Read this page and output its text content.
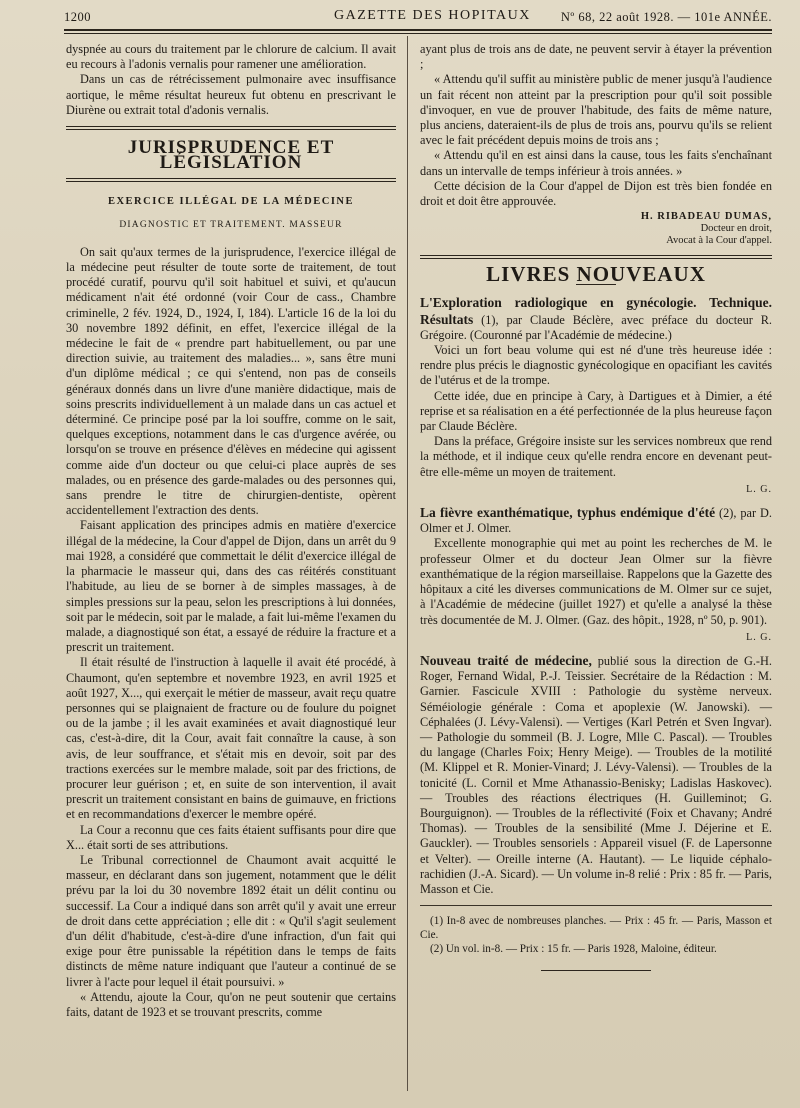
1200	GAZETTE DES HOPITAUX Nº 68, 22 août 1928. — 101e ANNÉE.

dyspnée au cours du traitement par le chlorure de calcium. Il avait eu recours à l'adonis vernalis pour ramener une amélioration.

Dans un cas de rétrécissement pulmonaire avec insuffisance aortique, le même résultat heureux fut obtenu en prescrivant le Diurène ou extrait total d'adonis vernalis.

JURISPRUDENCE ET LÉGISLATION
EXERCICE ILLÉGAL DE LA MÉDECINE
DIAGNOSTIC ET TRAITEMENT. MASSEUR

On sait qu'aux termes de la jurisprudence, l'exercice illégal de la médecine peut résulter de toute sorte de traitement, de tout procédé curatif, pourvu qu'il soit habituel et suivi, et qu'aucun médicament n'ait été ordonné (voir Cour de cass., Chambre criminelle, 2 fév. 1924, D., 1924, I, 184). L'article 16 de la loi du 30 novembre 1892 définit, en effet, l'exercice illégal de la médecine le fait de « prendre part habituellement, ou par une direction suivie, au traitement des maladies... », sans être muni d'un diplôme médical ; ce qui s'entend, non pas de conseils généraux donnés dans un livre d'une manière didactique, mais de soins prescrits individuellement à un malade dans un cas actuel et déterminé. Ce principe posé par la loi souffre, comme on le sait, quelques exceptions, notamment dans le cas d'urgence avérée, ou lorsqu'on se trouve en présence d'élèves en médecine qui agissent comme aide d'un docteur ou que celui-ci place auprès de ses malades, ou en présence des garde-malades ou des personnes qui, sans prendre le titre de chirurgien-dentiste, opèrent accidentellement l'extraction des dents.

Faisant application des principes admis en matière d'exercice illégal de la médecine, la Cour d'appel de Dijon, dans un arrêt du 9 mai 1928, a considéré que commettait le délit d'exercice illégal de la pharmacie le masseur qui, dans des cas réitérés constituant l'habitude, au lieu de se borner à de simples massages, à de simples pressions sur la peau, selon les prescriptions à lui données, soit par le médecin, soit par le malade, a fait lui-même l'examen du malade, a diagnostiqué son état, a essayé de réduire la fracture et a prescrit un traitement.

Il était résulté de l'instruction à laquelle il avait été procédé, à Chaumont, qu'en septembre et novembre 1923, en avril 1925 et août 1927, X..., qui exerçait le métier de masseur, avait reçu quatre personnes qui se plaignaient de fracture ou de foulure du poignet ou de la jambe ; il les avait examinées et avait diagnostiqué leur cas, c'est-à-dire, dit la Cour, avait fait connaître la cause, à son avis, de leur souffrance, et s'était mis en devoir, soit par des tractions exercées sur le membre malade, soit par des frictions, de procurer leur guérison ; et, en suite de son intervention, il avait prescrit un traitement consistant en bains de guimauve, en frictions et en recommandations d'exercer le membre opéré.

La Cour a reconnu que ces faits étaient suffisants pour dire que X... était sorti de ses attributions.

Le Tribunal correctionnel de Chaumont avait acquitté le masseur, en déclarant dans son jugement, notamment que le délit prévu par la loi du 30 novembre 1892 était un délit continu ou successif. La Cour a indiqué dans son arrêt qu'il y avait une erreur de droit dans cette appréciation ; elle dit : « Qu'il s'agit seulement d'un délit d'habitude, c'est-à-dire d'une infraction, d'un fait qui exige pour être punissable la répétition dans le temps de faits distincts de même nature indiquant que l'auteur a continué de se livrer à l'acte pour lequel il était poursuivi. »

« Attendu, ajoute la Cour, qu'on ne peut soutenir que certains faits, datant de 1923 et se trouvant prescrits, comme

ayant plus de trois ans de date, ne peuvent servir à étayer la prévention ;

« Attendu qu'il suffit au ministère public de mener jusqu'à l'audience un fait récent non atteint par la prescription pour qu'il soit possible d'invoquer, en vue de prouver l'habitude, des faits de même nature, plus anciens, dateraient-ils de plus de trois ans, pourvu qu'ils se relient avec le fait précédent depuis moins de trois ans ;

« Attendu qu'il en est ainsi dans la cause, tous les faits s'enchaînant dans un intervalle de temps inférieur à trois années. »

Cette décision de la Cour d'appel de Dijon est très bien fondée en droit et doit être approuvée.

H. RIBADEAU DUMAS,
Docteur en droit,
Avocat à la Cour d'appel.
LIVRES NOUVEAUX

L'Exploration radiologique en gynécologie. Technique. Résultats (1), par Claude Béclère, avec préface du docteur R. Grégoire. (Couronné par l'Académie de médecine.)

Voici un fort beau volume qui est né d'une très heureuse idée : rendre plus précis le diagnostic gynécologique en opacifiant les cavités de l'utérus et de la trompe.

Cette idée, due en principe à Cary, à Dartigues et à Dimier, a été reprise et sa réalisation en a été perfectionnée de la plus heureuse façon par Claude Béclère.

Dans la préface, Grégoire insiste sur les services nombreux que rend la méthode, et il indique ceux qu'elle rendra encore en devenant peut-être elle-même un moyen de traitement.

L. G.

La fièvre exanthématique, typhus endémique d'été (2), par D. Olmer et J. Olmer.

Excellente monographie qui met au point les recherches de M. le professeur Olmer et du docteur Jean Olmer sur la fièvre exanthématique de la région marseillaise. Rappelons que la Gazette des hôpitaux a cité les diverses communications de M. Olmer sur ce sujet, à l'Académie de médecine (juillet 1927) et qu'elle a analysé la thèse très documentée de M. J. Olmer. (Gaz. des hôpit., 1928, nº 50, p. 901).

L. G.

Nouveau traité de médecine, publié sous la direction de G.-H. Roger, Fernand Widal, P.-J. Teissier. Secrétaire de la Rédaction : M. Garnier. Fascicule XVIII : Pathologie du système nerveux. Séméiologie générale : Coma et apoplexie (W. Janowski). — Céphalées (J. Lévy-Valensi). — Vertiges (Karl Petrén et Sven Ingvar). — Pathologie du sommeil (B. J. Logre, Mlle C. Pascal). — Troubles du langage (Charles Foix; Henry Meige). — Troubles de la motilité (M. Klippel et R. Monier-Vinard; J. Lévy-Valensi). — Troubles de la tonicité (L. Cornil et Mme Athanassio-Benisky; Ladislas Haskovec). — Troubles des réactions électriques (H. Guilleminot; G. Bourguignon). — Troubles de la réflectivité (Foix et Chavany; André Thomas). — Troubles de la sensibilité (Mme J. Déjerine et E. Gauckler). — Troubles sensoriels : Appareil visuel (F. de Lapersonne et Velter). — Oreille interne (A. Hautant). — Le liquide céphalo-rachidien (J.-A. Sicard). — Un volume in-8 relié : Prix : 85 fr. — Paris, Masson et Cie.

(1) In-8 avec de nombreuses planches. — Prix : 45 fr. — Paris, Masson et Cie.

(2) Un vol. in-8. — Prix : 15 fr. — Paris 1928, Maloine, éditeur.
